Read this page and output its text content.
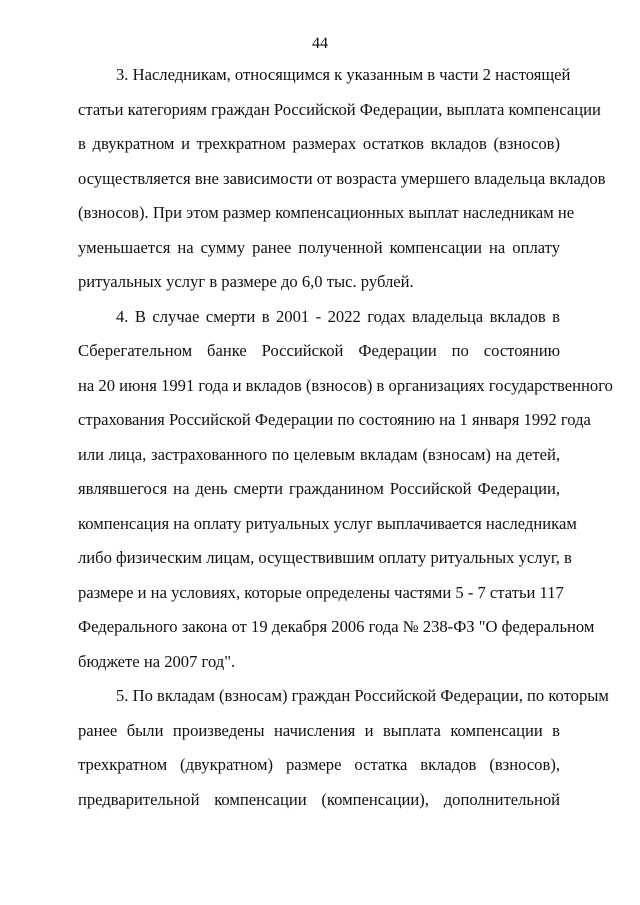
44
3. Наследникам, относящимся к указанным в части 2 настоящей
статьи категориям граждан Российской Федерации, выплата компенсации
в двукратном и трехкратном размерах остатков вкладов (взносов)
осуществляется вне зависимости от возраста умершего владельца вкладов
(взносов). При этом размер компенсационных выплат наследникам не
уменьшается на сумму ранее полученной компенсации на оплату
ритуальных услуг в размере до 6,0 тыс. рублей.
4. В случае смерти в 2001 - 2022 годах владельца вкладов в
Сберегательном банке Российской Федерации по состоянию
на 20 июня 1991 года и вкладов (взносов) в организациях государственного
страхования Российской Федерации по состоянию на 1 января 1992 года
или лица, застрахованного по целевым вкладам (взносам) на детей,
являвшегося на день смерти гражданином Российской Федерации,
компенсация на оплату ритуальных услуг выплачивается наследникам
либо физическим лицам, осуществившим оплату ритуальных услуг, в
размере и на условиях, которые определены частями 5 - 7 статьи 117
Федерального закона от 19 декабря 2006 года № 238-ФЗ "О федеральном
бюджете на 2007 год".
5. По вкладам (взносам) граждан Российской Федерации, по которым
ранее были произведены начисления и выплата компенсации в
трехкратном (двукратном) размере остатка вкладов (взносов),
предварительной компенсации (компенсации), дополнительной
